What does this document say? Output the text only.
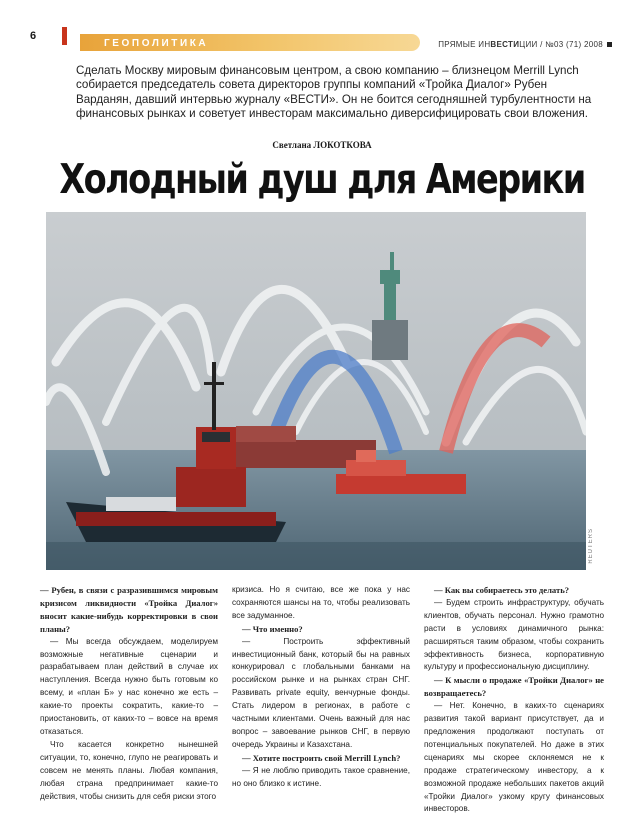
6
ГЕОПОЛИТИКА	ПРЯМЫЕ ИНВЕСТИЦИИ / №03 (71) 2008
Сделать Москву мировым финансовым центром, а свою компанию – близнецом Merrill Lynch собирается председатель совета директоров группы компаний «Тройка Диалог» Рубен Варданян, давший интервью журналу «ВЕСТИ». Он не боится сегодняшней турбулентности на финансовых рынках и советует инвесторам максимально диверсифицировать свои вложения.
Светлана ЛОКОТКОВА
Холодный душ для Америки
REUTERS

— Рубен, в связи с разразившимся мировым кризисом ликвидности «Тройка Диалог» вносит какие-нибудь корректировки в свои планы?

— Мы всегда обсуждаем, моделируем возможные негативные сценарии и разрабатываем план действий в случае их наступления. Всегда нужно быть готовым ко всему, и «план Б» у нас конечно же есть – какие-то проекты сократить, какие-то – приостановить, от каких-то – вовсе на время отказаться.

Что касается конкретно нынешней ситуации, то, конечно, глупо не реагировать и совсем не менять планы. Любая компания, любая страна предпринимает какие-то действия, чтобы снизить для себя риски этого

кризиса. Но я считаю, все же пока у нас сохраняются шансы на то, чтобы реализовать все задуманное.

— Что именно?

— Построить эффективный инвестиционный банк, который бы на равных конкурировал с глобальными банками на российском рынке и на рынках стран СНГ. Развивать private equity, венчурные фонды. Стать лидером в регионах, в работе с частными клиентами. Очень важный для нас вопрос – завоевание рынков СНГ, в первую очередь Украины и Казахстана.

— Хотите построить свой Merrill Lynch?

— Я не люблю приводить такое сравнение, но оно близко к истине.

— Как вы собираетесь это делать?

— Будем строить инфраструктуру, обучать клиентов, обучать персонал. Нужно грамотно расти в условиях динамичного рынка: расширяться таким образом, чтобы сохранить эффективность бизнеса, корпоративную культуру и профессиональную дисциплину.

— К мысли о продаже «Тройки Диалог» не возвращаетесь?

— Нет. Конечно, в каких-то сценариях развития такой вариант присутствует, да и предложения продолжают поступать от потенциальных покупателей. Но даже в этих сценариях мы скорее склоняемся не к продаже стратегическому инвестору, а к возможной продаже небольших пакетов акций «Тройки Диалог» узкому кругу финансовых инвесторов.
